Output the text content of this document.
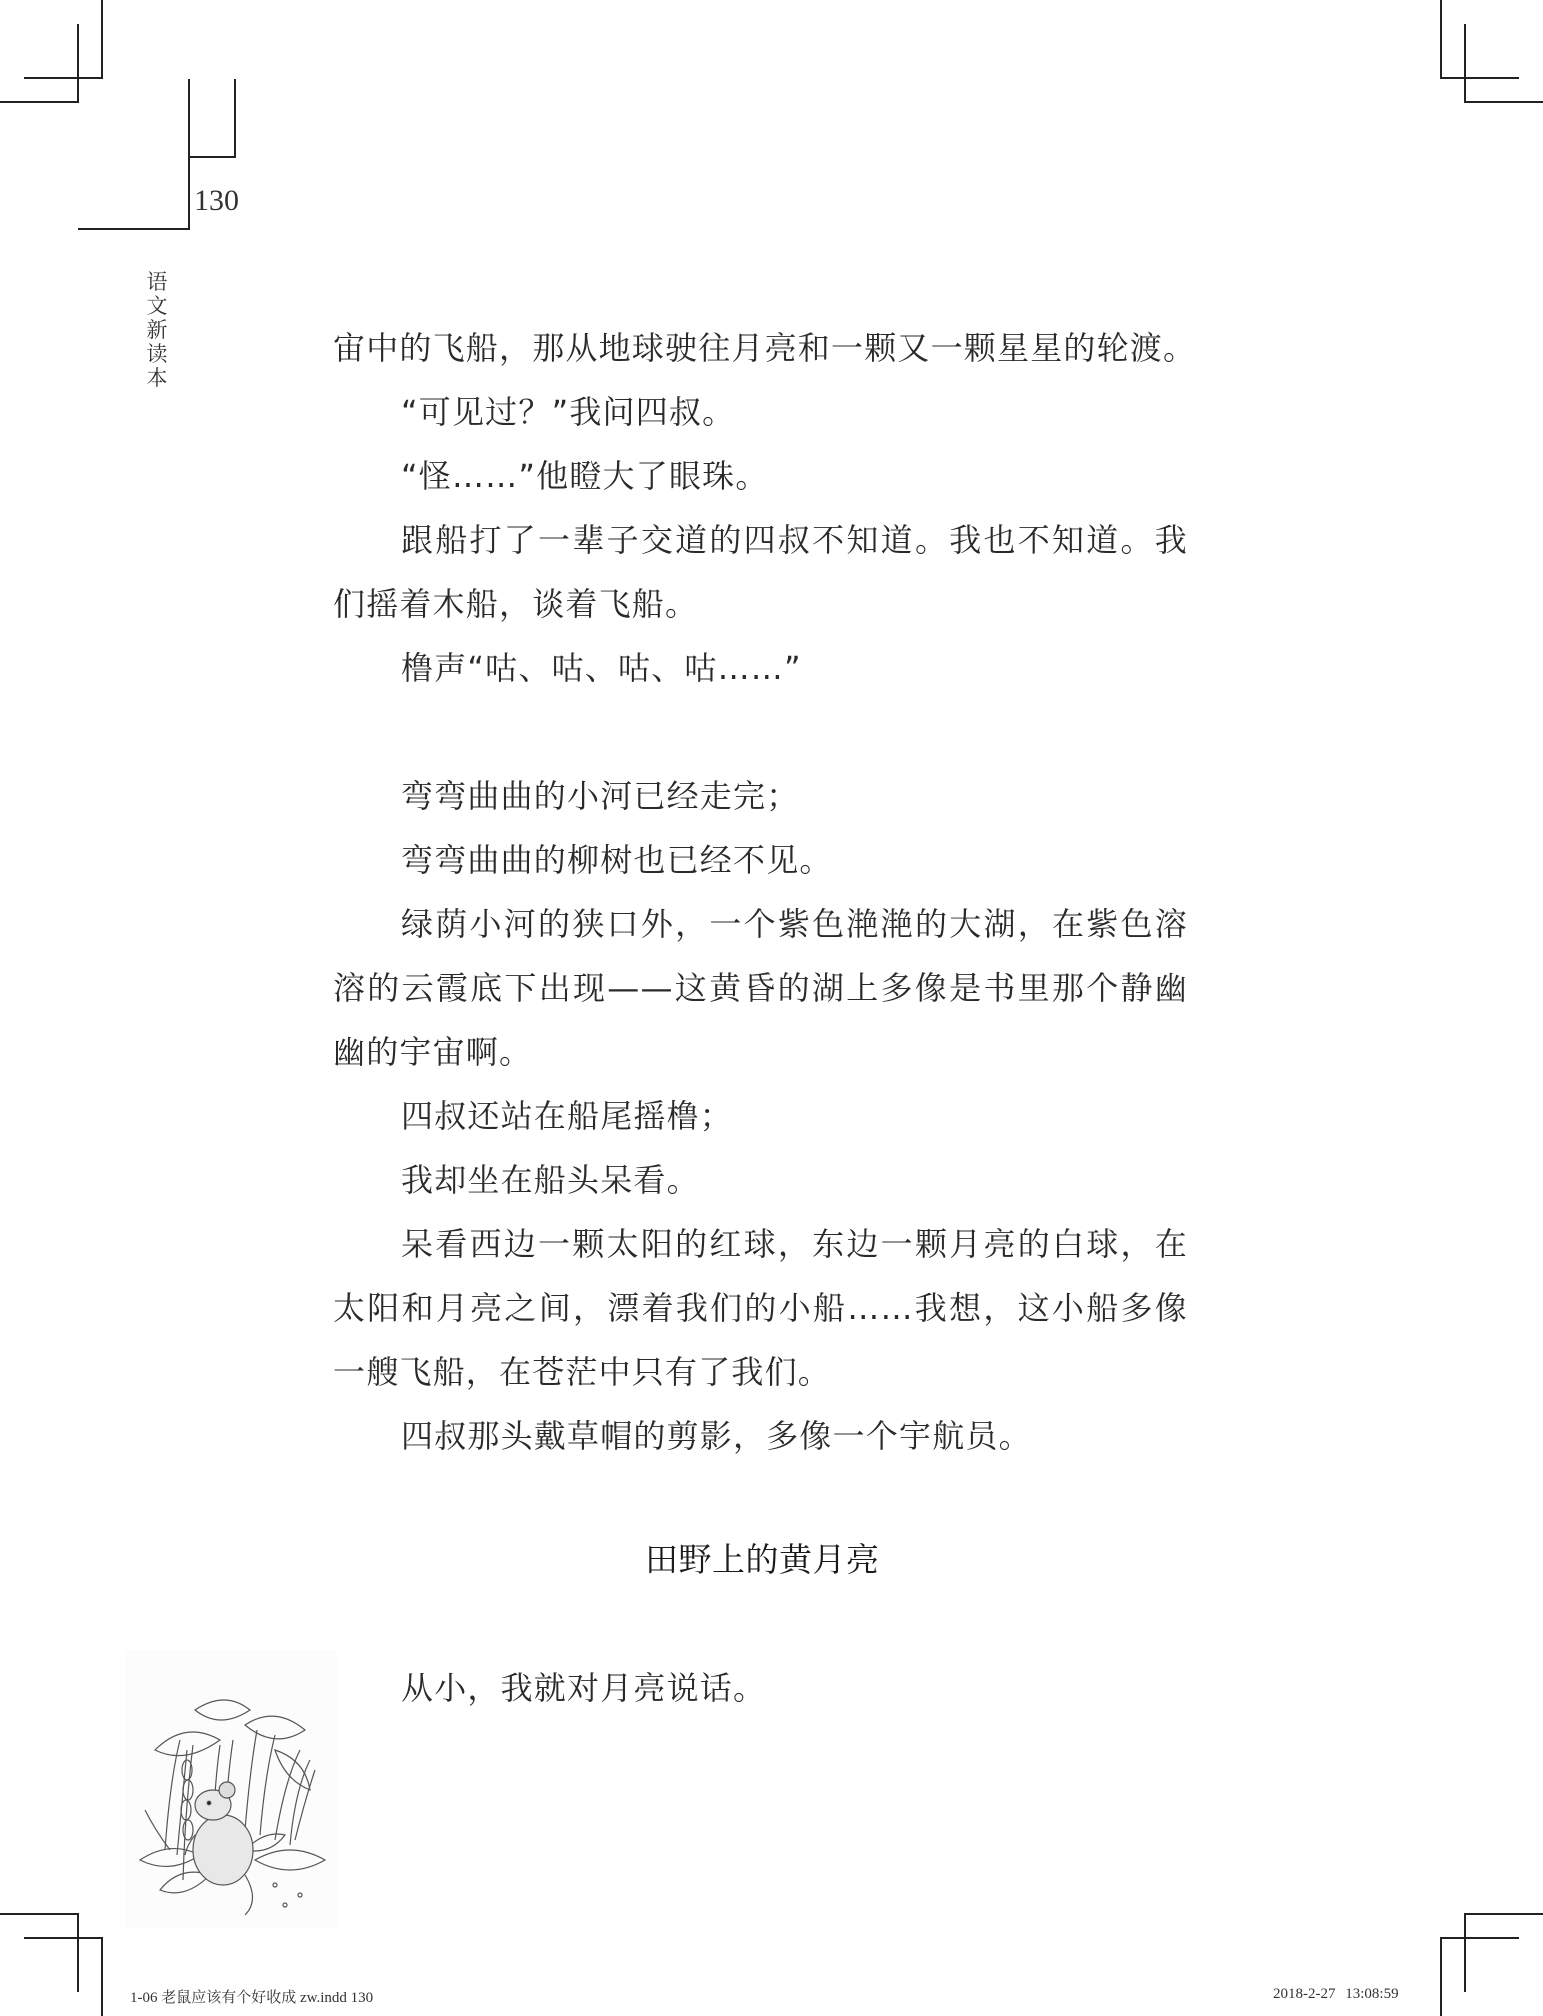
130
语文新读本
宙中的飞船，那从地球驶往月亮和一颗又一颗星星的轮渡。
“可见过？”我问四叔。
“怪……”他瞪大了眼珠。
跟船打了一辈子交道的四叔不知道。我也不知道。我
们摇着木船，谈着飞船。
橹声“咕、咕、咕、咕……”
弯弯曲曲的小河已经走完；
弯弯曲曲的柳树也已经不见。
绿荫小河的狭口外，一个紫色滟滟的大湖，在紫色溶
溶的云霞底下出现——这黄昏的湖上多像是书里那个静幽
幽的宇宙啊。
四叔还站在船尾摇橹；
我却坐在船头呆看。
呆看西边一颗太阳的红球，东边一颗月亮的白球，在
太阳和月亮之间，漂着我们的小船……我想，这小船多像
一艘飞船，在苍茫中只有了我们。
四叔那头戴草帽的剪影，多像一个宇航员。
田野上的黄月亮
从小，我就对月亮说话。
1-06 老鼠应该有个好收成 zw.indd 130	2018-2-27 13:08:59
